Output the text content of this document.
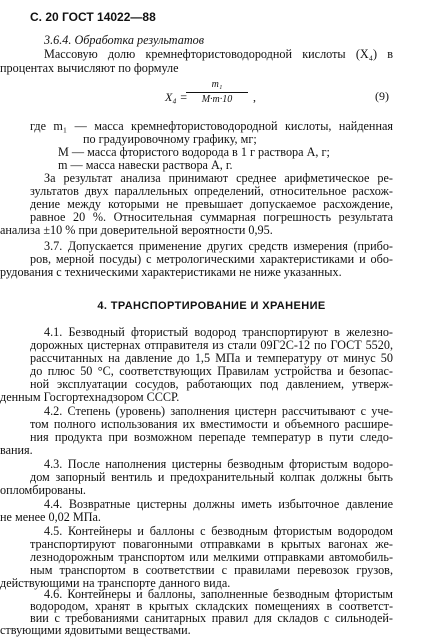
С. 20 ГОСТ 14022—88
3.6.4. Обработка результатов
Массовую долю кремнефтористоводородной кислоты (X₄) в
процентах вычисляют по формуле
X₄ =
m₁
M·m·10	,	(9)
где m₁ — масса кремнефтористоводородной кислоты, найденная
по градуировочному графику, мг;
M — масса фтористого водорода в 1 г раствора A, г;
m — масса навески раствора A, г.
За результат анализа принимают среднее арифметическое ре-
зультатов двух параллельных определений, относительное расхож-
дение между которыми не превышает допускаемое расхождение,
равное 20 %. Относительная суммарная погрешность результата
анализа ±10 % при доверительной вероятности 0,95.
3.7. Допускается применение других средств измерения (прибо-
ров, мерной посуды) с метрологическими характеристиками и обо-
рудования с техническими характеристиками не ниже указанных.
4. ТРАНСПОРТИРОВАНИЕ И ХРАНЕНИЕ
4.1. Безводный фтористый водород транспортируют в железно-
дорожных цистернах отправителя из стали 09Г2С-12 по ГОСТ 5520,
рассчитанных на давление до 1,5 МПа и температуру от минус 50
до плюс 50 °C, соответствующих Правилам устройства и безопас-
ной эксплуатации сосудов, работающих под давлением, утверж-
денным Госгортехнадзором СССР.
4.2. Степень (уровень) заполнения цистерн рассчитывают с уче-
том полного использования их вместимости и объемного расшире-
ния продукта при возможном перепаде температур в пути следо-
вания.
4.3. После наполнения цистерны безводным фтористым водоро-
дом запорный вентиль и предохранительный колпак должны быть
опломбированы.
4.4. Возвратные цистерны должны иметь избыточное давление
не менее 0,02 МПа.
4.5. Контейнеры и баллоны с безводным фтористым водородом
транспортируют повагонными отправками в крытых вагонах же-
лезнодорожным транспортом или мелкими отправками автомобиль-
ным транспортом в соответствии с правилами перевозок грузов,
действующими на транспорте данного вида.
4.6. Контейнеры и баллоны, заполненные безводным фтористым
водородом, хранят в крытых складских помещениях в соответст-
вии с требованиями санитарных правил для складов с сильнодей-
ствующими ядовитыми веществами.
